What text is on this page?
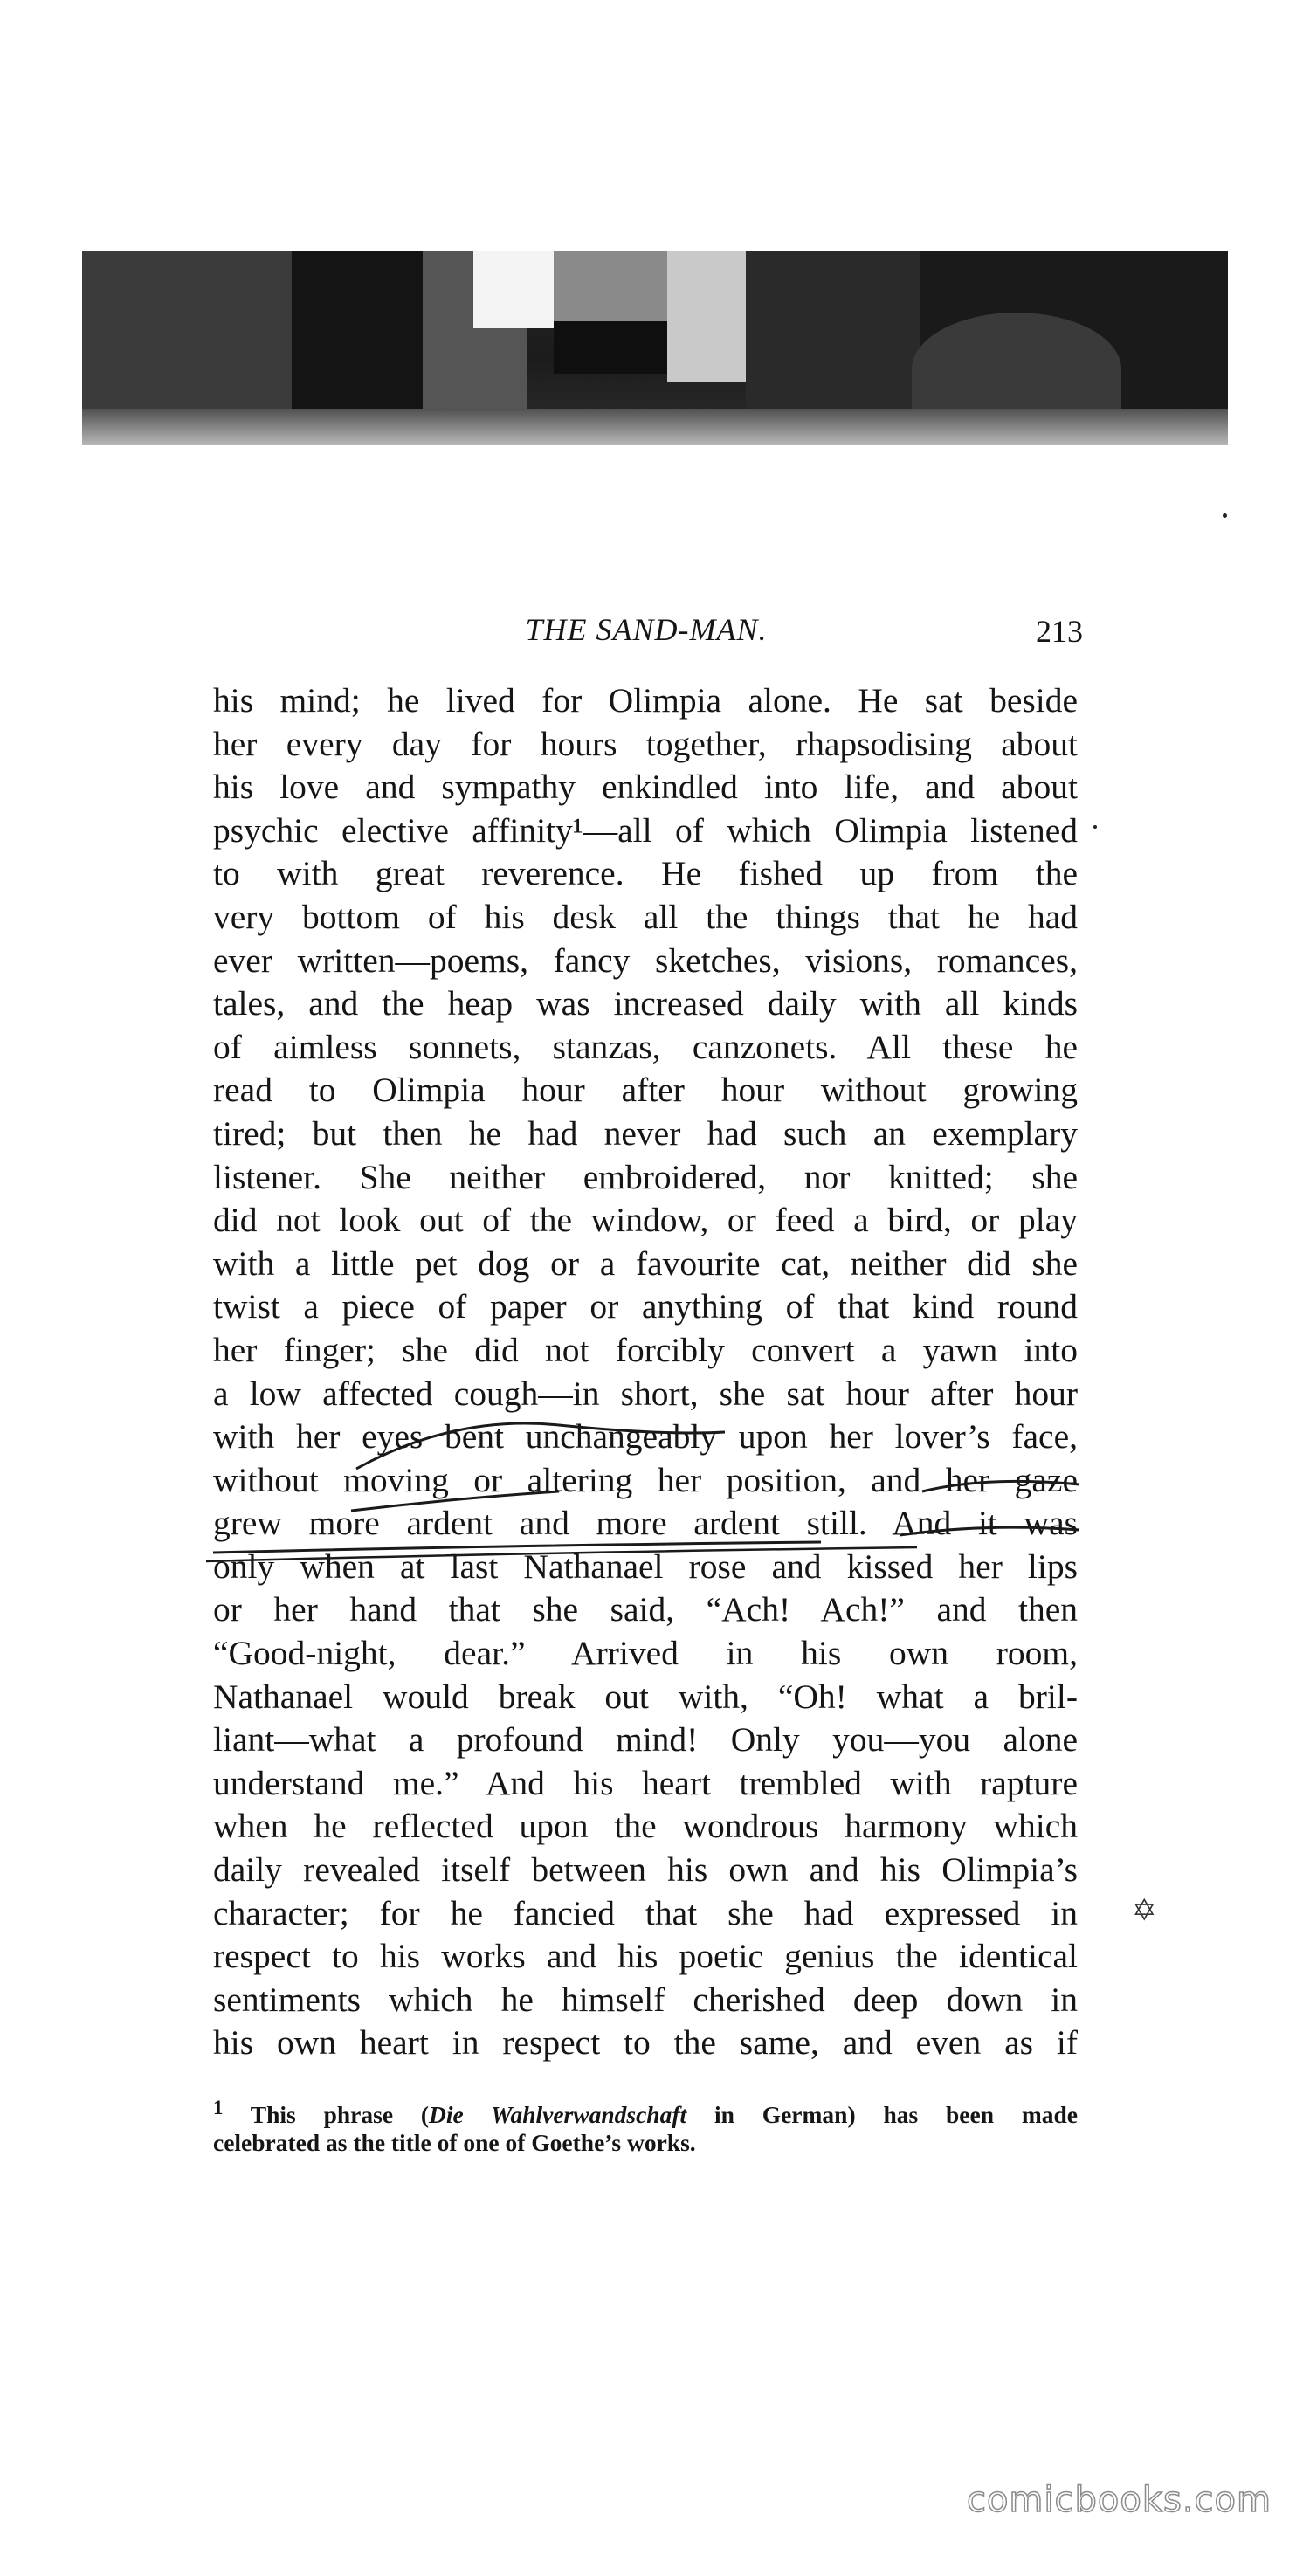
THE SAND-MAN.	213
his mind; he lived for Olimpia alone. He sat beside
her every day for hours together, rhapsodising about
his love and sympathy enkindled into life, and about
psychic elective affinity¹—all of which Olimpia listened
to with great reverence. He fished up from the
very bottom of his desk all the things that he had
ever written—poems, fancy sketches, visions, romances,
tales, and the heap was increased daily with all kinds
of aimless sonnets, stanzas, canzonets. All these he
read to Olimpia hour after hour without growing
tired; but then he had never had such an exemplary
listener. She neither embroidered, nor knitted; she
did not look out of the window, or feed a bird, or play
with a little pet dog or a favourite cat, neither did she
twist a piece of paper or anything of that kind round
her finger; she did not forcibly convert a yawn into
a low affected cough—in short, she sat hour after hour
with her eyes bent unchangeably upon her lover’s face,
without moving or altering her position, and her gaze
grew more ardent and more ardent still. And it was
only when at last Nathanael rose and kissed her lips
or her hand that she said, “Ach! Ach!” and then
“Good-night, dear.” Arrived in his own room,
Nathanael would break out with, “Oh! what a bril-
liant—what a profound mind! Only you—you alone
understand me.” And his heart trembled with rapture
when he reflected upon the wondrous harmony which
daily revealed itself between his own and his Olimpia’s
character; for he fancied that she had expressed in
respect to his works and his poetic genius the identical
sentiments which he himself cherished deep down in
his own heart in respect to the same, and even as if
$^1$ This phrase (Die Wahlverwandschaft in German) has been made
celebrated as the title of one of Goethe’s works.
✡
comicbooks.com
